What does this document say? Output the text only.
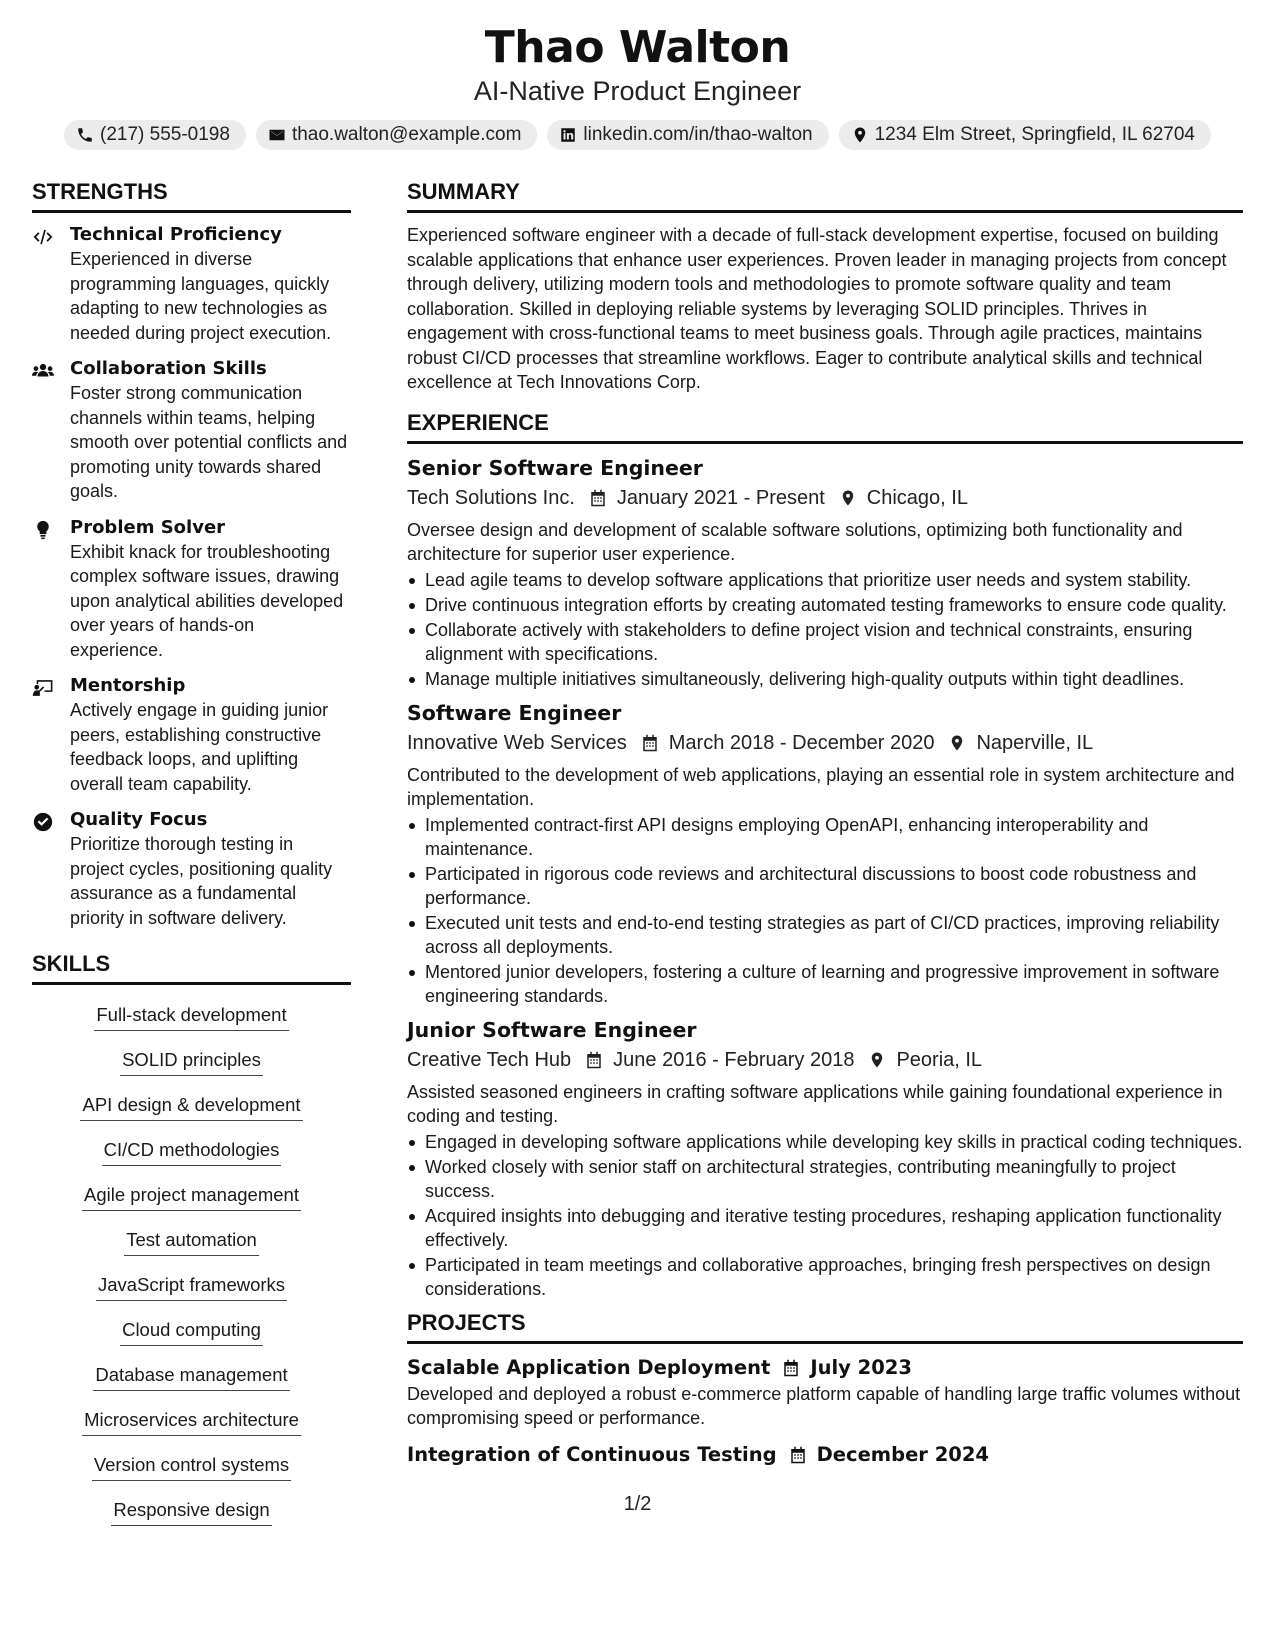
Thao Walton
AI-Native Product Engineer
(217) 555-0198	thao.walton@example.com	linkedin.com/in/thao-walton	1234 Elm Street, Springfield, IL 62704
STRENGTHS
Technical Proficiency
Experienced in diverse programming languages, quickly adapting to new technologies as needed during project execution.
Collaboration Skills
Foster strong communication channels within teams, helping smooth over potential conflicts and promoting unity towards shared goals.
Problem Solver
Exhibit knack for troubleshooting complex software issues, drawing upon analytical abilities developed over years of hands-on experience.
Mentorship
Actively engage in guiding junior peers, establishing constructive feedback loops, and uplifting overall team capability.
Quality Focus
Prioritize thorough testing in project cycles, positioning quality assurance as a fundamental priority in software delivery.
SKILLS
Full-stack development
SOLID principles
API design & development
CI/CD methodologies
Agile project management
Test automation
JavaScript frameworks
Cloud computing
Database management
Microservices architecture
Version control systems
Responsive design
SUMMARY
Experienced software engineer with a decade of full-stack development expertise, focused on building scalable applications that enhance user experiences. Proven leader in managing projects from concept through delivery, utilizing modern tools and methodologies to promote software quality and team collaboration. Skilled in deploying reliable systems by leveraging SOLID principles. Thrives in engagement with cross-functional teams to meet business goals. Through agile practices, maintains robust CI/CD processes that streamline workflows. Eager to contribute analytical skills and technical excellence at Tech Innovations Corp.
EXPERIENCE
Senior Software Engineer
Tech Solutions Inc. January 2021 - Present Chicago, IL
Oversee design and development of scalable software solutions, optimizing both functionality and architecture for superior user experience.
Lead agile teams to develop software applications that prioritize user needs and system stability.
Drive continuous integration efforts by creating automated testing frameworks to ensure code quality.
Collaborate actively with stakeholders to define project vision and technical constraints, ensuring alignment with specifications.
Manage multiple initiatives simultaneously, delivering high-quality outputs within tight deadlines.
Software Engineer
Innovative Web Services March 2018 - December 2020 Naperville, IL
Contributed to the development of web applications, playing an essential role in system architecture and implementation.
Implemented contract-first API designs employing OpenAPI, enhancing interoperability and maintenance.
Participated in rigorous code reviews and architectural discussions to boost code robustness and performance.
Executed unit tests and end-to-end testing strategies as part of CI/CD practices, improving reliability across all deployments.
Mentored junior developers, fostering a culture of learning and progressive improvement in software engineering standards.
Junior Software Engineer
Creative Tech Hub June 2016 - February 2018 Peoria, IL
Assisted seasoned engineers in crafting software applications while gaining foundational experience in coding and testing.
Engaged in developing software applications while developing key skills in practical coding techniques.
Worked closely with senior staff on architectural strategies, contributing meaningfully to project success.
Acquired insights into debugging and iterative testing procedures, reshaping application functionality effectively.
Participated in team meetings and collaborative approaches, bringing fresh perspectives on design considerations.
PROJECTS
Scalable Application Deployment July 2023
Developed and deployed a robust e-commerce platform capable of handling large traffic volumes without compromising speed or performance.
Integration of Continuous Testing December 2024
1/2
